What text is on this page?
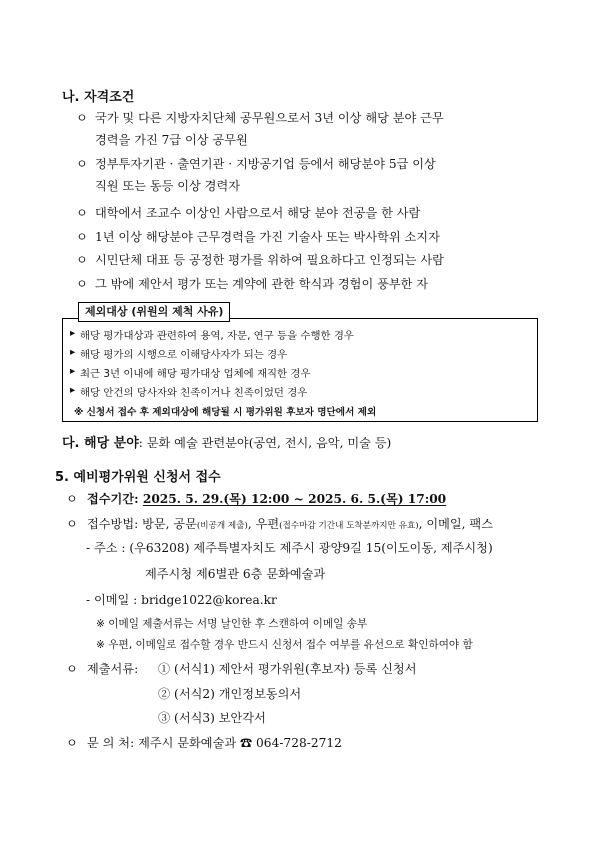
나. 자격조건
ㅇ 국가 및 다른 지방자치단체 공무원으로서 3년 이상 해당 분야 근무
경력을 가진 7급 이상 공무원
ㅇ 정부투자기관 · 출연기관 · 지방공기업 등에서 해당분야 5급 이상
직원 또는 동등 이상 경력자
ㅇ 대학에서 조교수 이상인 사람으로서 해당 분야 전공을 한 사람
ㅇ 1년 이상 해당분야 근무경력을 가진 기술사 또는 박사학위 소지자
ㅇ 시민단체 대표 등 공정한 평가를 위하여 필요하다고 인정되는 사람
ㅇ 그 밖에 제안서 평가 또는 계약에 관한 학식과 경험이 풍부한 자
제외대상 (위원의 제척 사유)
▸ 해당 평가대상과 관련하여 용역, 자문, 연구 등을 수행한 경우
▸ 해당 평가의 시행으로 이해당사자가 되는 경우
▸ 최근 3년 이내에 해당 평가대상 업체에 재직한 경우
▸ 해당 안건의 당사자와 친족이거나 친족이었던 경우
※ 신청서 접수 후 제외대상에 해당될 시 평가위원 후보자 명단에서 제외
다. 해당 분야: 문화 예술 관련분야(공연, 전시, 음악, 미술 등)
5. 예비평가위원 신청서 접수
ㅇ 접수기간: 2025. 5. 29.(목) 12:00 ~ 2025. 6. 5.(목) 17:00
ㅇ 접수방법: 방문, 공문(비공개 제출), 우편(접수마감 기간내 도착분까지만 유효), 이메일, 팩스
- 주소 : (우63208) 제주특별자치도 제주시 광양9길 15(이도이동, 제주시청)
제주시청 제6별관 6층 문화예술과
- 이메일 : bridge1022@korea.kr
※ 이메일 제출서류는 서명 날인한 후 스캔하여 이메일 송부
※ 우편, 이메일로 접수할 경우 반드시 신청서 접수 여부를 유선으로 확인하여야 함
ㅇ 제출서류: ① (서식1) 제안서 평가위원(후보자) 등록 신청서
② (서식2) 개인정보동의서
③ (서식3) 보안각서
ㅇ 문 의 처: 제주시 문화예술과 ☎ 064-728-2712
